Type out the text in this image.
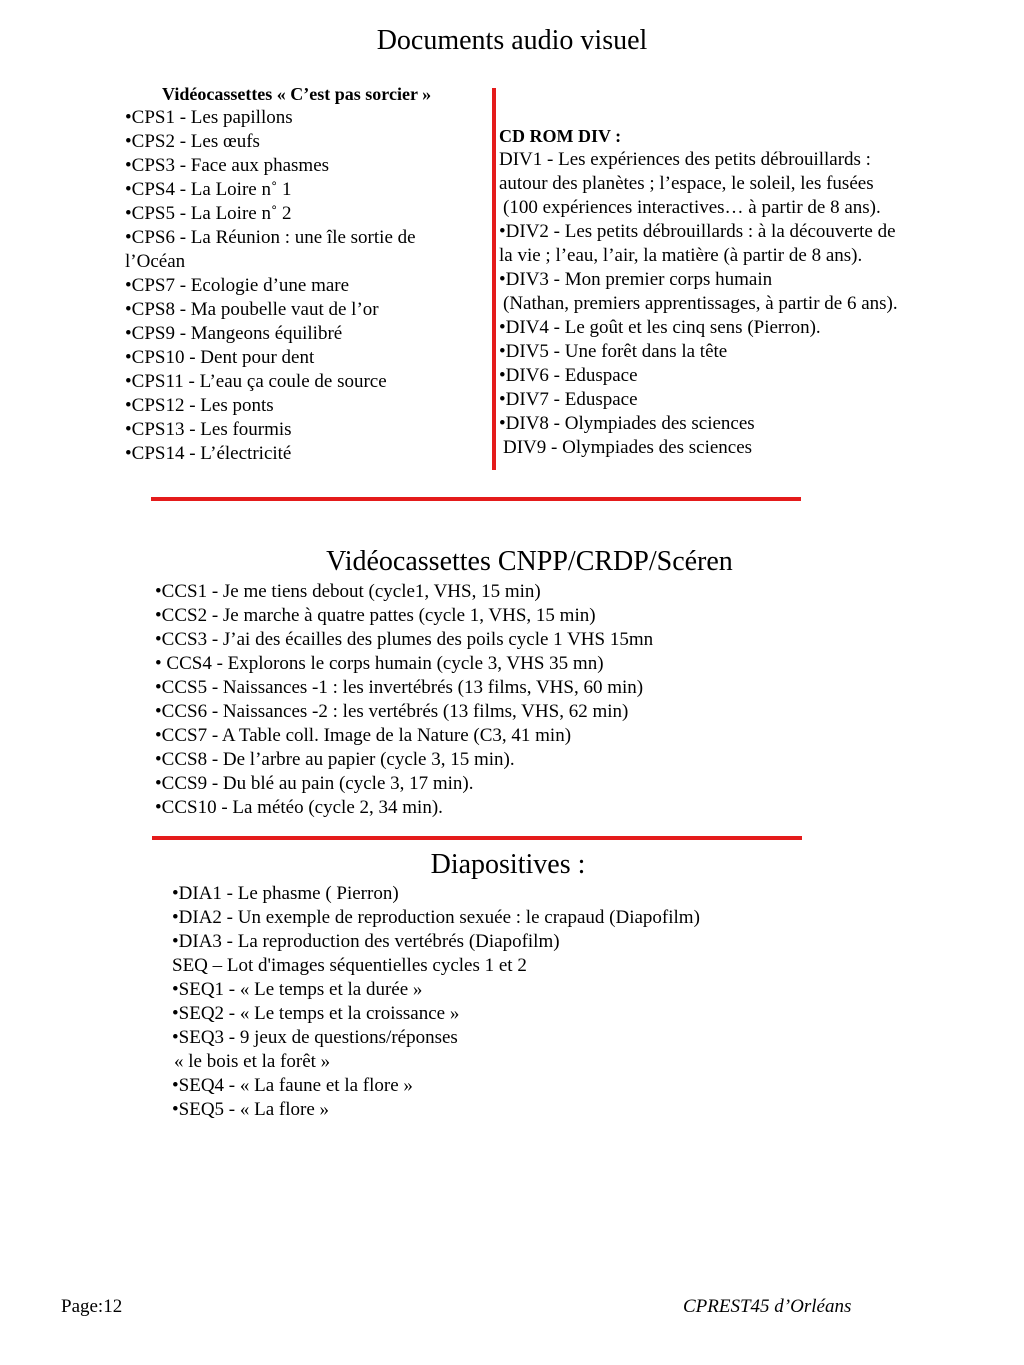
Documents audio visuel
Vidéocassettes « C’est pas sorcier »
•CPS1 - Les papillons
•CPS2 - Les œufs
•CPS3 - Face aux phasmes
•CPS4 - La Loire n˚ 1
•CPS5 - La Loire n˚ 2
•CPS6 - La Réunion : une île sortie de l’Océan
•CPS7 - Ecologie d’une mare
•CPS8 - Ma poubelle vaut de l’or
•CPS9 - Mangeons équilibré
•CPS10 - Dent pour dent
•CPS11 - L’eau ça coule de source
•CPS12 - Les ponts
•CPS13 - Les fourmis
•CPS14 - L’électricité
CD ROM DIV :
DIV1 - Les expériences des petits débrouillards :
autour des planètes ; l’espace, le soleil, les fusées
(100 expériences interactives… à partir de 8 ans).
•DIV2 - Les petits débrouillards : à la découverte de
la vie ; l’eau, l’air, la matière (à partir de 8 ans).
•DIV3 - Mon premier corps humain
(Nathan, premiers apprentissages, à partir de 6 ans).
•DIV4 - Le goût et les cinq sens (Pierron).
•DIV5 - Une forêt dans la tête
•DIV6 - Eduspace
•DIV7 - Eduspace
•DIV8 - Olympiades des sciences
DIV9 - Olympiades des sciences
Vidéocassettes CNPP/CRDP/Scéren
•CCS1 - Je me tiens debout (cycle1, VHS, 15 min)
•CCS2 - Je marche à quatre pattes (cycle 1, VHS, 15 min)
•CCS3 - J’ai des écailles des plumes des poils cycle 1 VHS 15mn
• CCS4 - Explorons le corps humain (cycle 3, VHS 35 mn)
•CCS5 - Naissances -1 : les invertébrés (13 films, VHS, 60 min)
•CCS6 - Naissances -2 : les vertébrés (13 films, VHS, 62 min)
•CCS7 - A Table coll. Image de la Nature (C3, 41 min)
•CCS8 - De l’arbre au papier (cycle 3, 15 min).
•CCS9 - Du blé au pain (cycle 3, 17 min).
•CCS10 - La météo (cycle 2, 34 min).
Diapositives :
•DIA1 - Le phasme ( Pierron)
•DIA2 - Un exemple de reproduction sexuée : le crapaud (Diapofilm)
•DIA3 - La reproduction des vertébrés (Diapofilm)
SEQ – Lot d'images séquentielles cycles 1 et 2
•SEQ1 - « Le temps et la durée »
•SEQ2 - « Le temps et la croissance »
•SEQ3 - 9 jeux de questions/réponses
« le bois et la forêt »
•SEQ4 - « La faune et la flore »
•SEQ5 - « La flore »
Page:12	CPREST45 d’Orléans
